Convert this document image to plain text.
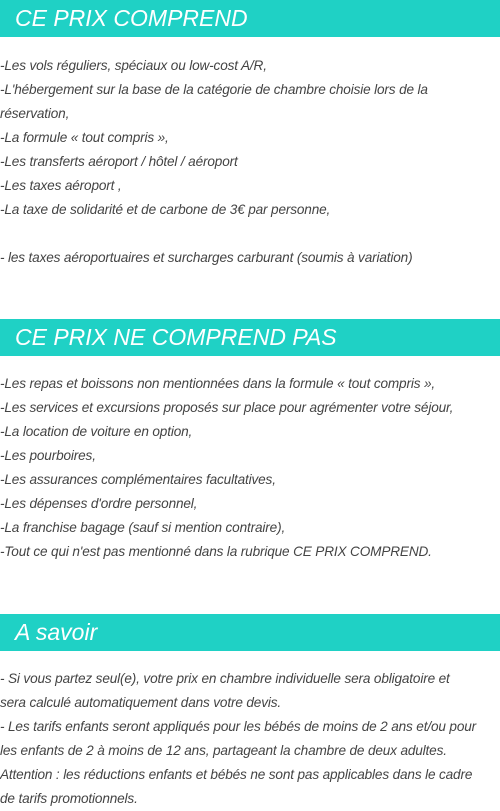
CE PRIX COMPREND
-Les vols réguliers, spéciaux ou low-cost A/R,
-L'hébergement sur la base de la catégorie de chambre choisie lors de la
réservation,
-La formule « tout compris »,
-Les transferts aéroport / hôtel / aéroport
-Les taxes aéroport ,
-La taxe de solidarité et de carbone de 3€ par personne,
- les taxes aéroportuaires et surcharges carburant (soumis à variation)
CE PRIX NE COMPREND PAS
-Les repas et boissons non mentionnées dans la formule « tout compris »,
-Les services et excursions proposés sur place pour agrémenter votre séjour,
-La location de voiture en option,
-Les pourboires,
-Les assurances complémentaires facultatives,
-Les dépenses d'ordre personnel,
-La franchise bagage (sauf si mention contraire),
-Tout ce qui n'est pas mentionné dans la rubrique CE PRIX COMPREND.
A savoir
- Si vous partez seul(e), votre prix en chambre individuelle sera obligatoire et
sera calculé automatiquement dans votre devis.
- Les tarifs enfants seront appliqués pour les bébés de moins de 2 ans et/ou pour
les enfants de 2 à moins de 12 ans, partageant la chambre de deux adultes.
Attention : les réductions enfants et bébés ne sont pas applicables dans le cadre
de tarifs promotionnels.
